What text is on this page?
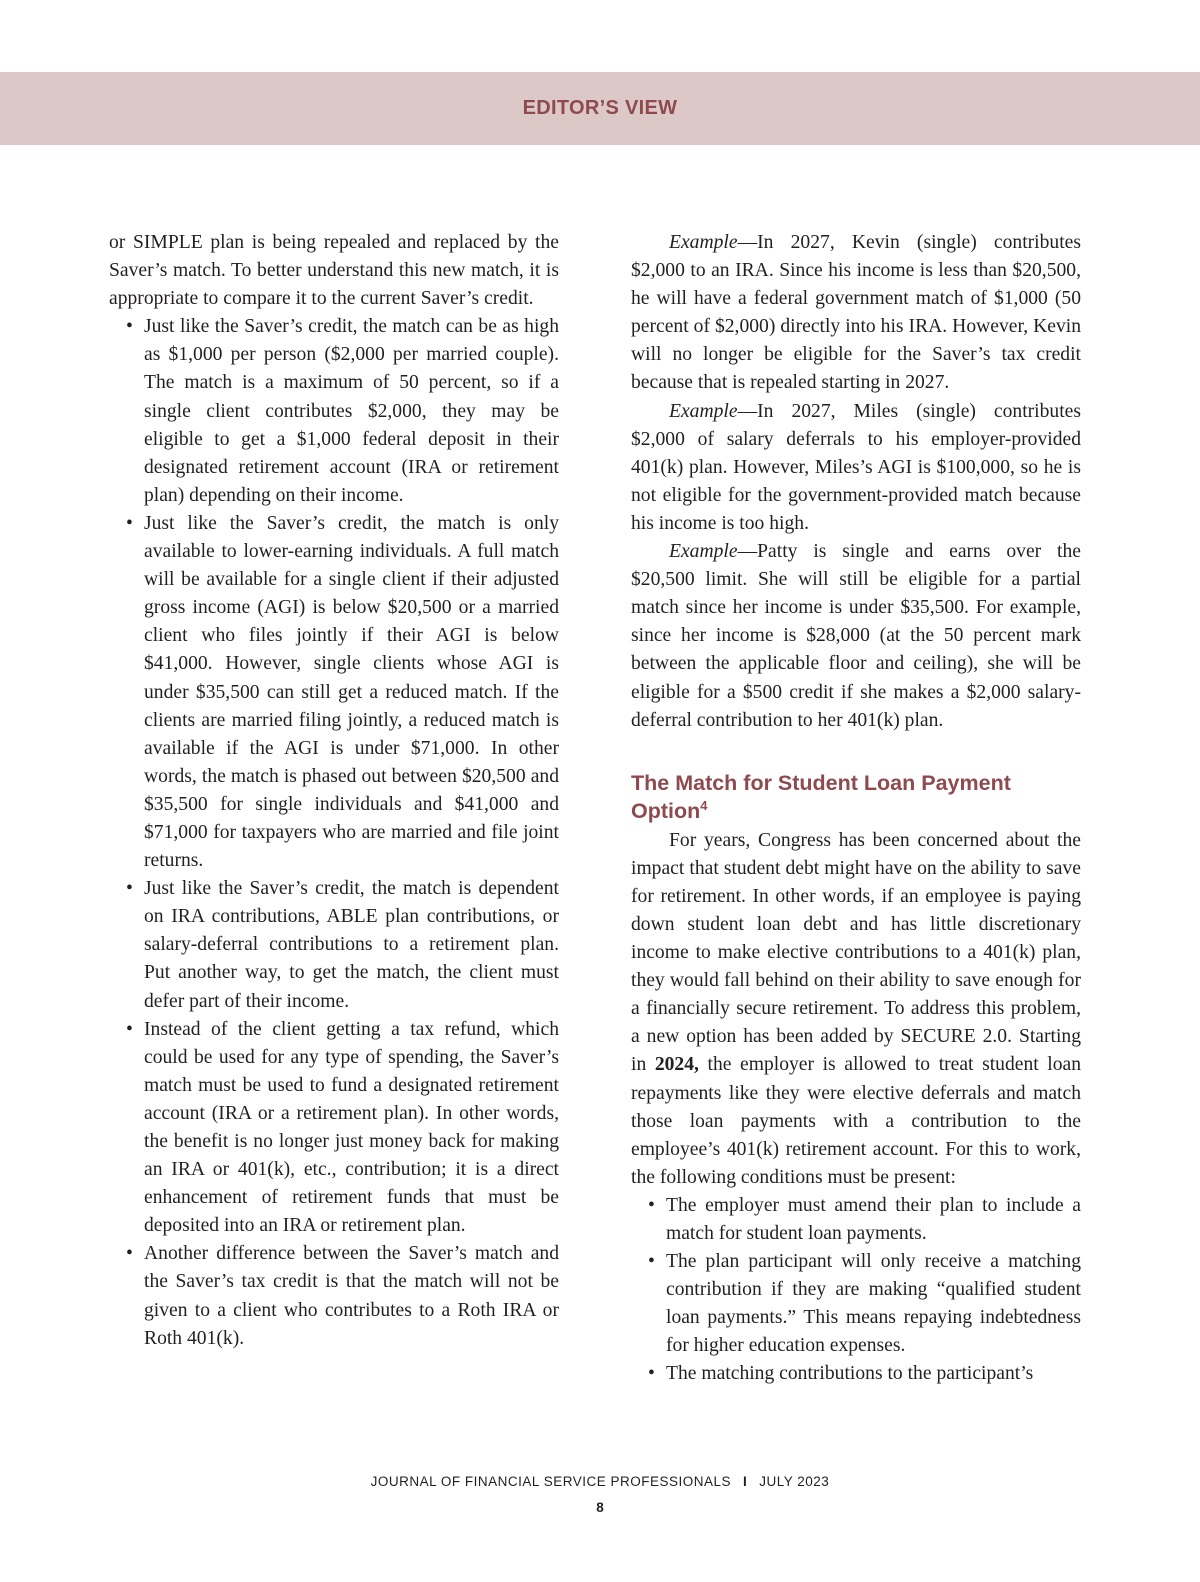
EDITOR’S VIEW

or SIMPLE plan is being repealed and replaced by the Saver’s match. To better understand this new match, it is appropriate to compare it to the current Saver’s credit.

• Just like the Saver’s credit, the match can be as high as $1,000 per person ($2,000 per married couple). The match is a maximum of 50 percent, so if a single client contributes $2,000, they may be eligible to get a $1,000 federal deposit in their designated retirement account (IRA or retirement plan) depending on their income.
• Just like the Saver’s credit, the match is only available to lower-earning individuals. A full match will be available for a single client if their adjusted gross income (AGI) is below $20,500 or a married client who files jointly if their AGI is below $41,000. However, single clients whose AGI is under $35,500 can still get a reduced match. If the clients are married filing jointly, a reduced match is available if the AGI is under $71,000. In other words, the match is phased out between $20,500 and $35,500 for single individuals and $41,000 and $71,000 for taxpayers who are married and file joint returns.
• Just like the Saver’s credit, the match is dependent on IRA contributions, ABLE plan contributions, or salary-deferral contributions to a retirement plan. Put another way, to get the match, the client must defer part of their income.
• Instead of the client getting a tax refund, which could be used for any type of spending, the Saver’s match must be used to fund a designated retirement account (IRA or a retirement plan). In other words, the benefit is no longer just money back for making an IRA or 401(k), etc., contribution; it is a direct enhancement of retirement funds that must be deposited into an IRA or retirement plan.
• Another difference between the Saver’s match and the Saver’s tax credit is that the match will not be given to a client who contributes to a Roth IRA or Roth 401(k).

Example—In 2027, Kevin (single) contributes $2,000 to an IRA. Since his income is less than $20,500, he will have a federal government match of $1,000 (50 percent of $2,000) directly into his IRA. However, Kevin will no longer be eligible for the Saver’s tax credit because that is repealed starting in 2027.

Example—In 2027, Miles (single) contributes $2,000 of salary deferrals to his employer-provided 401(k) plan. However, Miles’s AGI is $100,000, so he is not eligible for the government-provided match because his income is too high.

Example—Patty is single and earns over the $20,500 limit. She will still be eligible for a partial match since her income is under $35,500. For example, since her income is $28,000 (at the 50 percent mark between the applicable floor and ceiling), she will be eligible for a $500 credit if she makes a $2,000 salary-deferral contribution to her 401(k) plan.

The Match for Student Loan Payment Option$^4$

For years, Congress has been concerned about the impact that student debt might have on the ability to save for retirement. In other words, if an employee is paying down student loan debt and has little discretionary income to make elective contributions to a 401(k) plan, they would fall behind on their ability to save enough for a financially secure retirement. To address this problem, a new option has been added by SECURE 2.0. Starting in 2024, the employer is allowed to treat student loan repayments like they were elective deferrals and match those loan payments with a contribution to the employee’s 401(k) retirement account. For this to work, the following conditions must be present:

• The employer must amend their plan to include a match for student loan payments.
• The plan participant will only receive a matching contribution if they are making “qualified student loan payments.” This means repaying indebtedness for higher education expenses.
• The matching contributions to the participant’s
JOURNAL OF FINANCIAL SERVICE PROFESSIONALS I JULY 2023
8
